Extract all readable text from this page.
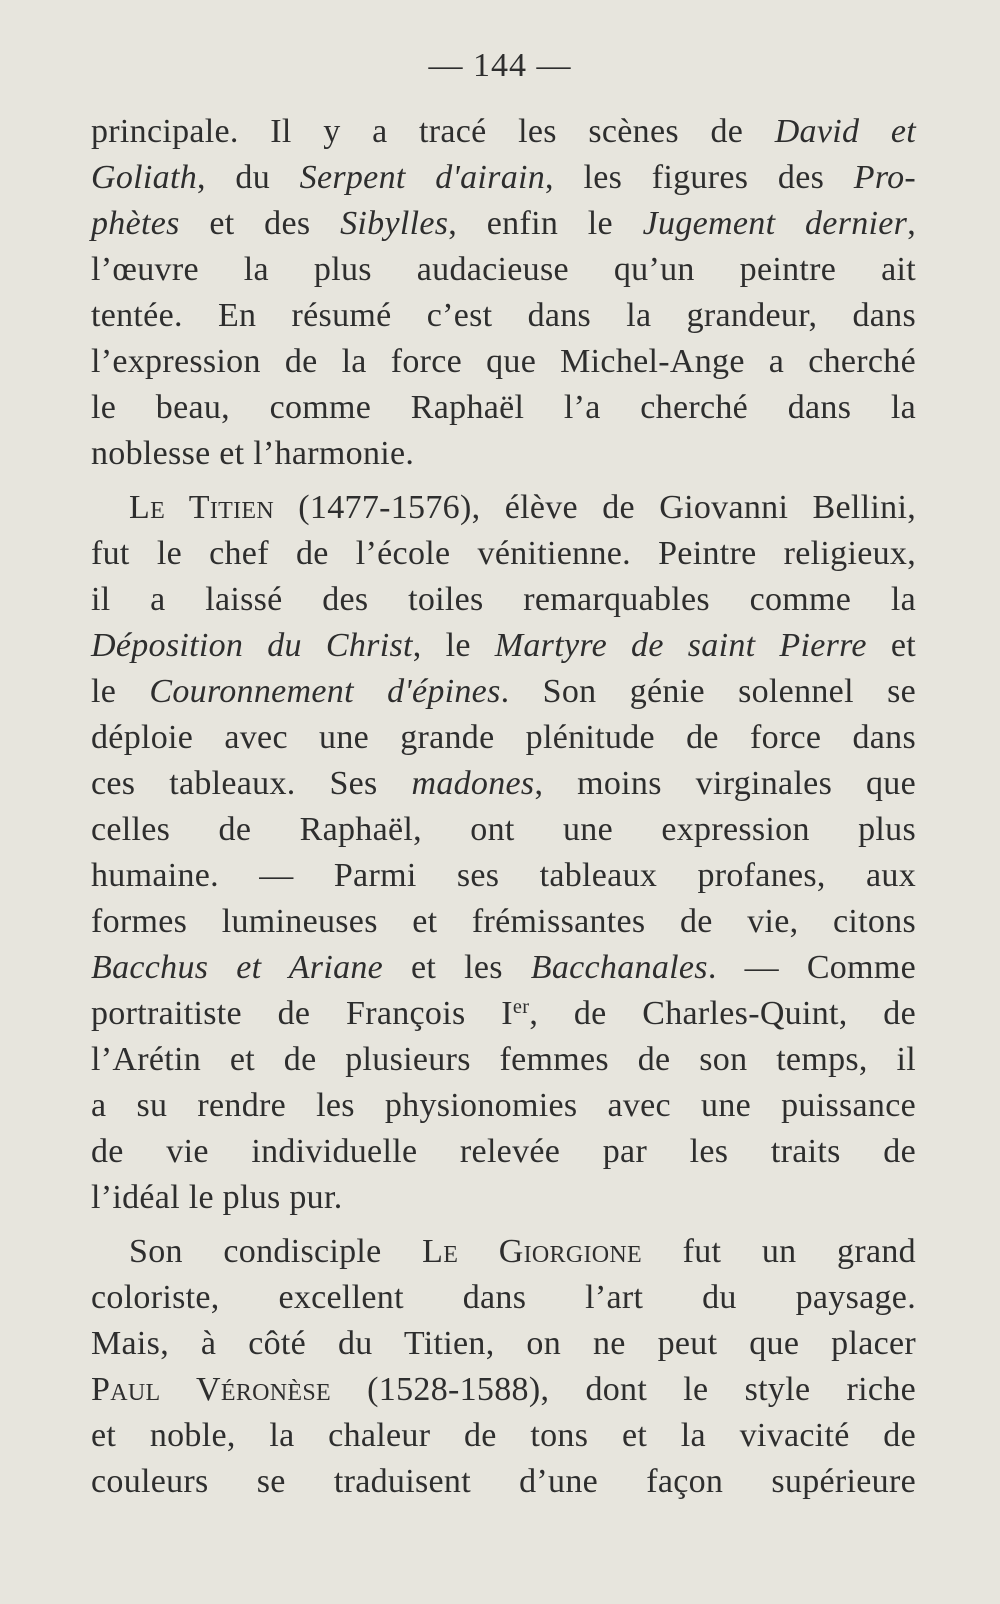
— 144 —
principale. Il y a tracé les scènes de David et
Goliath, du Serpent d'airain, les figures des Pro-
phètes et des Sibylles, enfin le Jugement dernier,
l’œuvre la plus audacieuse qu’un peintre ait
tentée. En résumé c’est dans la grandeur, dans
l’expression de la force que Michel-Ange a cherché
le beau, comme Raphaël l’a cherché dans la
noblesse et l’harmonie.
Le Titien (1477-1576), élève de Giovanni Bellini,
fut le chef de l’école vénitienne. Peintre religieux,
il a laissé des toiles remarquables comme la
Déposition du Christ, le Martyre de saint Pierre et
le Couronnement d'épines. Son génie solennel se
déploie avec une grande plénitude de force dans
ces tableaux. Ses madones, moins virginales que
celles de Raphaël, ont une expression plus
humaine. — Parmi ses tableaux profanes, aux
formes lumineuses et frémissantes de vie, citons
Bacchus et Ariane et les Bacchanales. — Comme
portraitiste de François Ier, de Charles-Quint, de
l’Arétin et de plusieurs femmes de son temps, il
a su rendre les physionomies avec une puissance
de vie individuelle relevée par les traits de
l’idéal le plus pur.
Son condisciple Le Giorgione fut un grand
coloriste, excellent dans l’art du paysage.
Mais, à côté du Titien, on ne peut que placer
Paul Véronèse (1528-1588), dont le style riche
et noble, la chaleur de tons et la vivacité de
couleurs se traduisent d’une façon supérieure
